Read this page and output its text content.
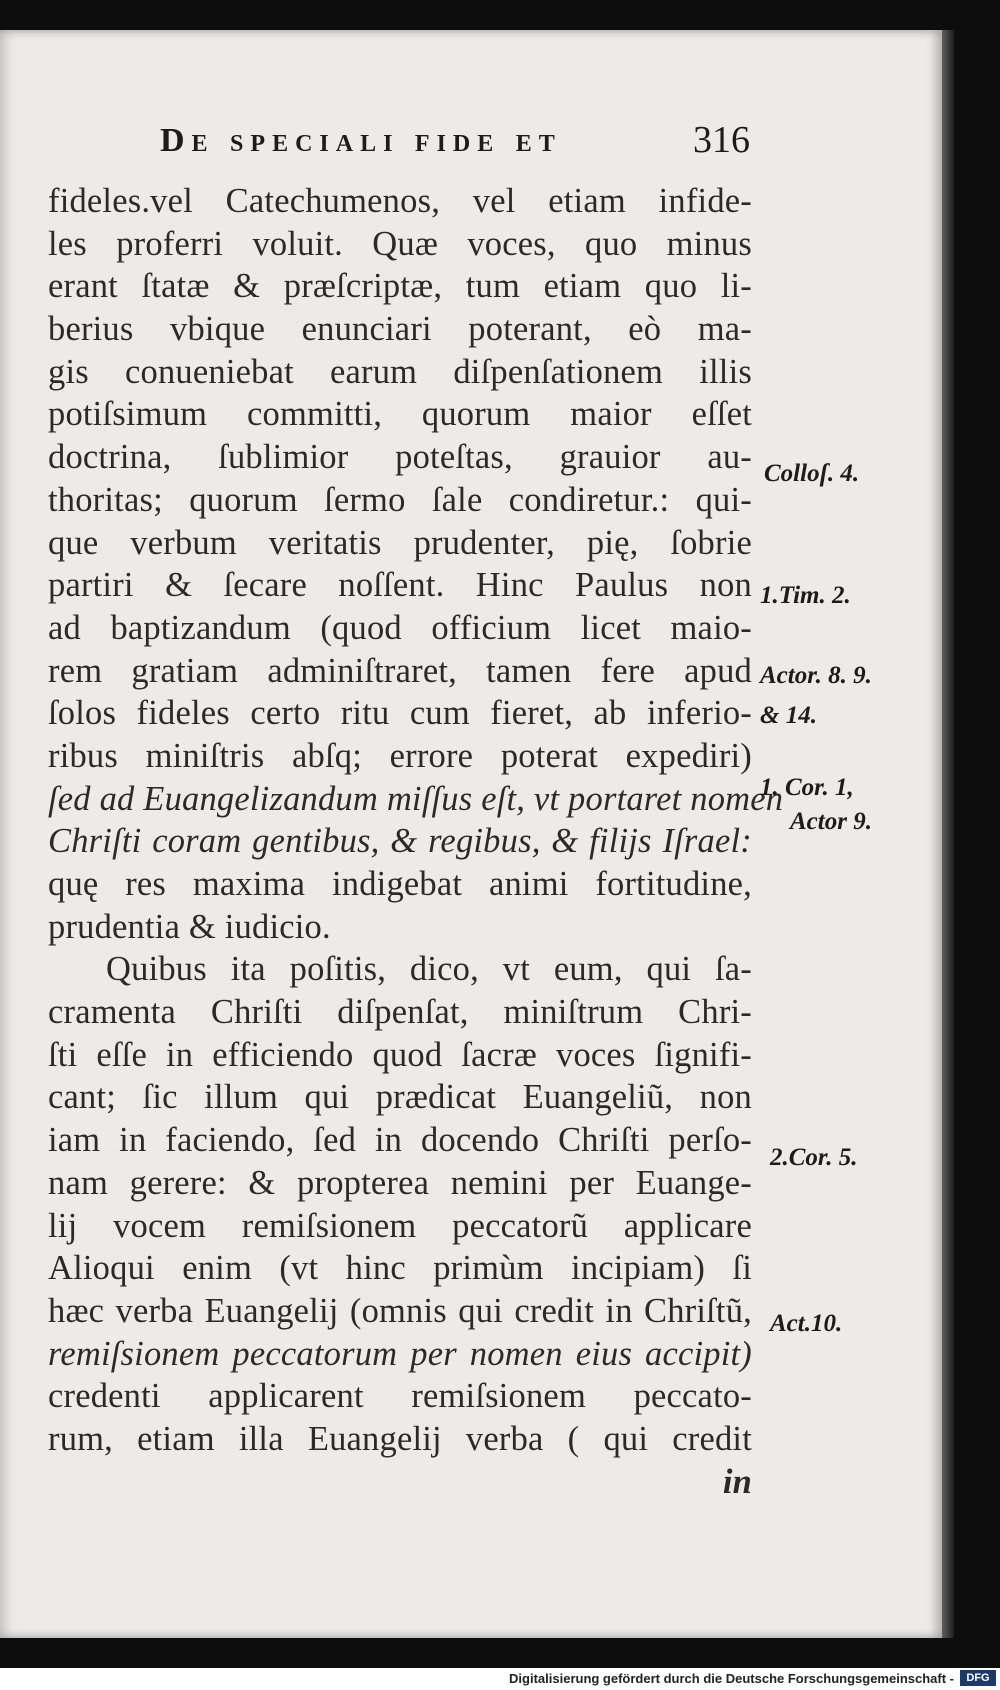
De speciali fide et	316
fideles.vel Catechumenos, vel etiam infide-
les proferri voluit. Quæ voces, quo minus
erant ſtatæ & præſcriptæ, tum etiam quo li-
berius vbique enunciari poterant, eò ma-
gis conueniebat earum diſpenſationem illis
potiſsimum committi, quorum maior eſſet
doctrina, ſublimior poteſtas, grauior au-
thoritas; quorum ſermo ſale condiretur.: qui-
que verbum veritatis prudenter, pię, ſobrie
partiri & ſecare noſſent. Hinc Paulus non
ad baptizandum (quod officium licet maio-
rem gratiam adminiſtraret, tamen fere apud
ſolos fideles certo ritu cum fieret, ab inferio-
ribus miniſtris abſq; errore poterat expediri)
ſed ad Euangelizandum miſſus eſt, vt portaret nomen
Chriſti coram gentibus, & regibus, & filijs Iſrael:
quę res maxima indigebat animi fortitudine,
prudentia & iudicio.
Quibus ita poſitis, dico, vt eum, qui ſa-
cramenta Chriſti diſpenſat, miniſtrum Chri-
ſti eſſe in efficiendo quod ſacræ voces ſignifi-
cant; ſic illum qui prædicat Euangeliũ, non
iam in faciendo, ſed in docendo Chriſti perſo-
nam gerere: & propterea nemini per Euange-
lij vocem remiſsionem peccatorũ applicare
Alioqui enim (vt hinc primùm incipiam) ſi
hæc verba Euangelij (omnis qui credit in Chriſtũ,
remiſsionem peccatorum per nomen eius accipit)
credenti applicarent remiſsionem peccato-
rum, etiam illa Euangelij verba ( qui credit
in
Colloſ. 4.
1.Tim. 2.
Actor. 8. 9.
& 14.
1. Cor. 1,
Actor 9.
2.Cor. 5.
Act.10.
Digitalisierung gefördert durch die Deutsche Forschungsgemeinschaft -	DFG
